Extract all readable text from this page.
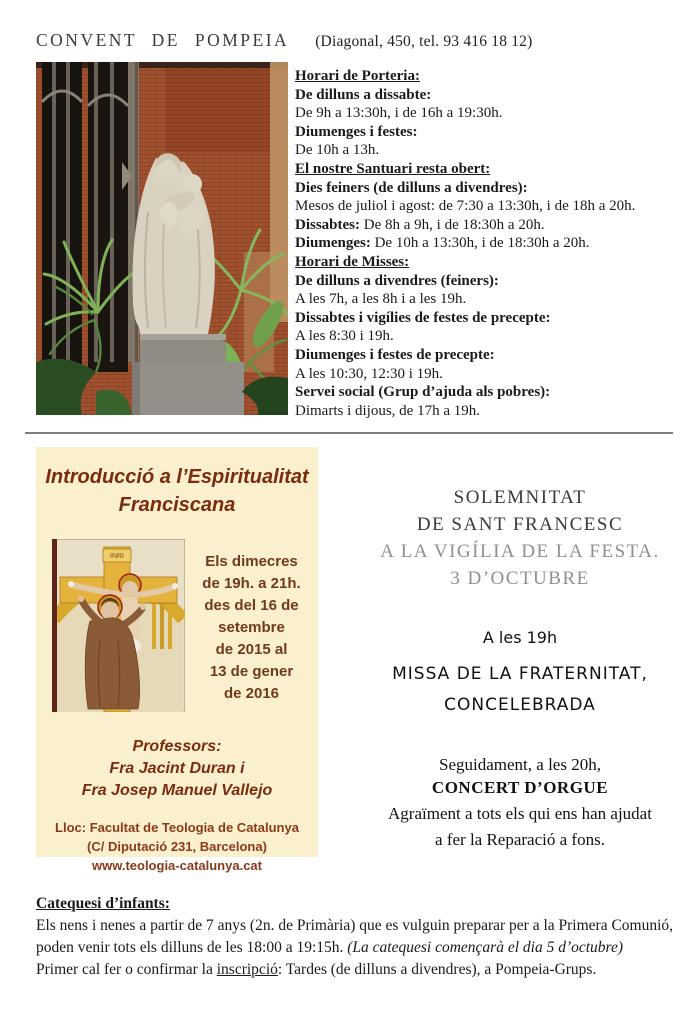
CONVENT DE POMPEIA (Diagonal, 450, tel. 93 416 18 12)
Horari de Porteria:
De dilluns a dissabte:
De 9h a 13:30h, i de 16h a 19:30h.
Diumenges i festes:
De 10h a 13h.
El nostre Santuari resta obert:
Dies feiners (de dilluns a divendres):
Mesos de juliol i agost: de 7:30 a 13:30h, i de 18h a 20h.
Dissabtes: De 8h a 9h, i de 18:30h a 20h.
Diumenges: De 10h a 13:30h, i de 18:30h a 20h.
Horari de Misses:
De dilluns a divendres (feiners):
A les 7h, a les 8h i a les 19h.
Dissabtes i vigílies de festes de precepte:
A les 8:30 i 19h.
Diumenges i festes de precepte:
A les 10:30, 12:30 i 19h.
Servei social (Grup d’ajuda als pobres):
Dimarts i dijous, de 17h a 19h.
Introducció a l’Espiritualitat
Franciscana
INRI	Els dimecres
de 19h. a 21h.
des del 16 de
setembre
de 2015 al
13 de gener
de 2016
Professors:
Fra Jacint Duran i
Fra Josep Manuel Vallejo
Lloc: Facultat de Teologia de Catalunya
(C/ Diputació 231, Barcelona)
www.teologia-catalunya.cat
SOLEMNITAT
DE SANT FRANCESC
A LA VIGÍLIA DE LA FESTA.
3 D’OCTUBRE
A les 19h
MISSA DE LA FRATERNITAT,
CONCELEBRADA
Seguidament, a les 20h,
CONCERT D’ORGUE
Agraïment a tots els qui ens han ajudat
a fer la Reparació a fons.
Catequesi d’infants:
Els nens i nenes a partir de 7 anys (2n. de Primària) que es vulguin preparar per a la Primera Comunió,
poden venir tots els dilluns de les 18:00 a 19:15h. (La catequesi començarà el dia 5 d’octubre)
Primer cal fer o confirmar la inscripció: Tardes (de dilluns a divendres), a Pompeia-Grups.
